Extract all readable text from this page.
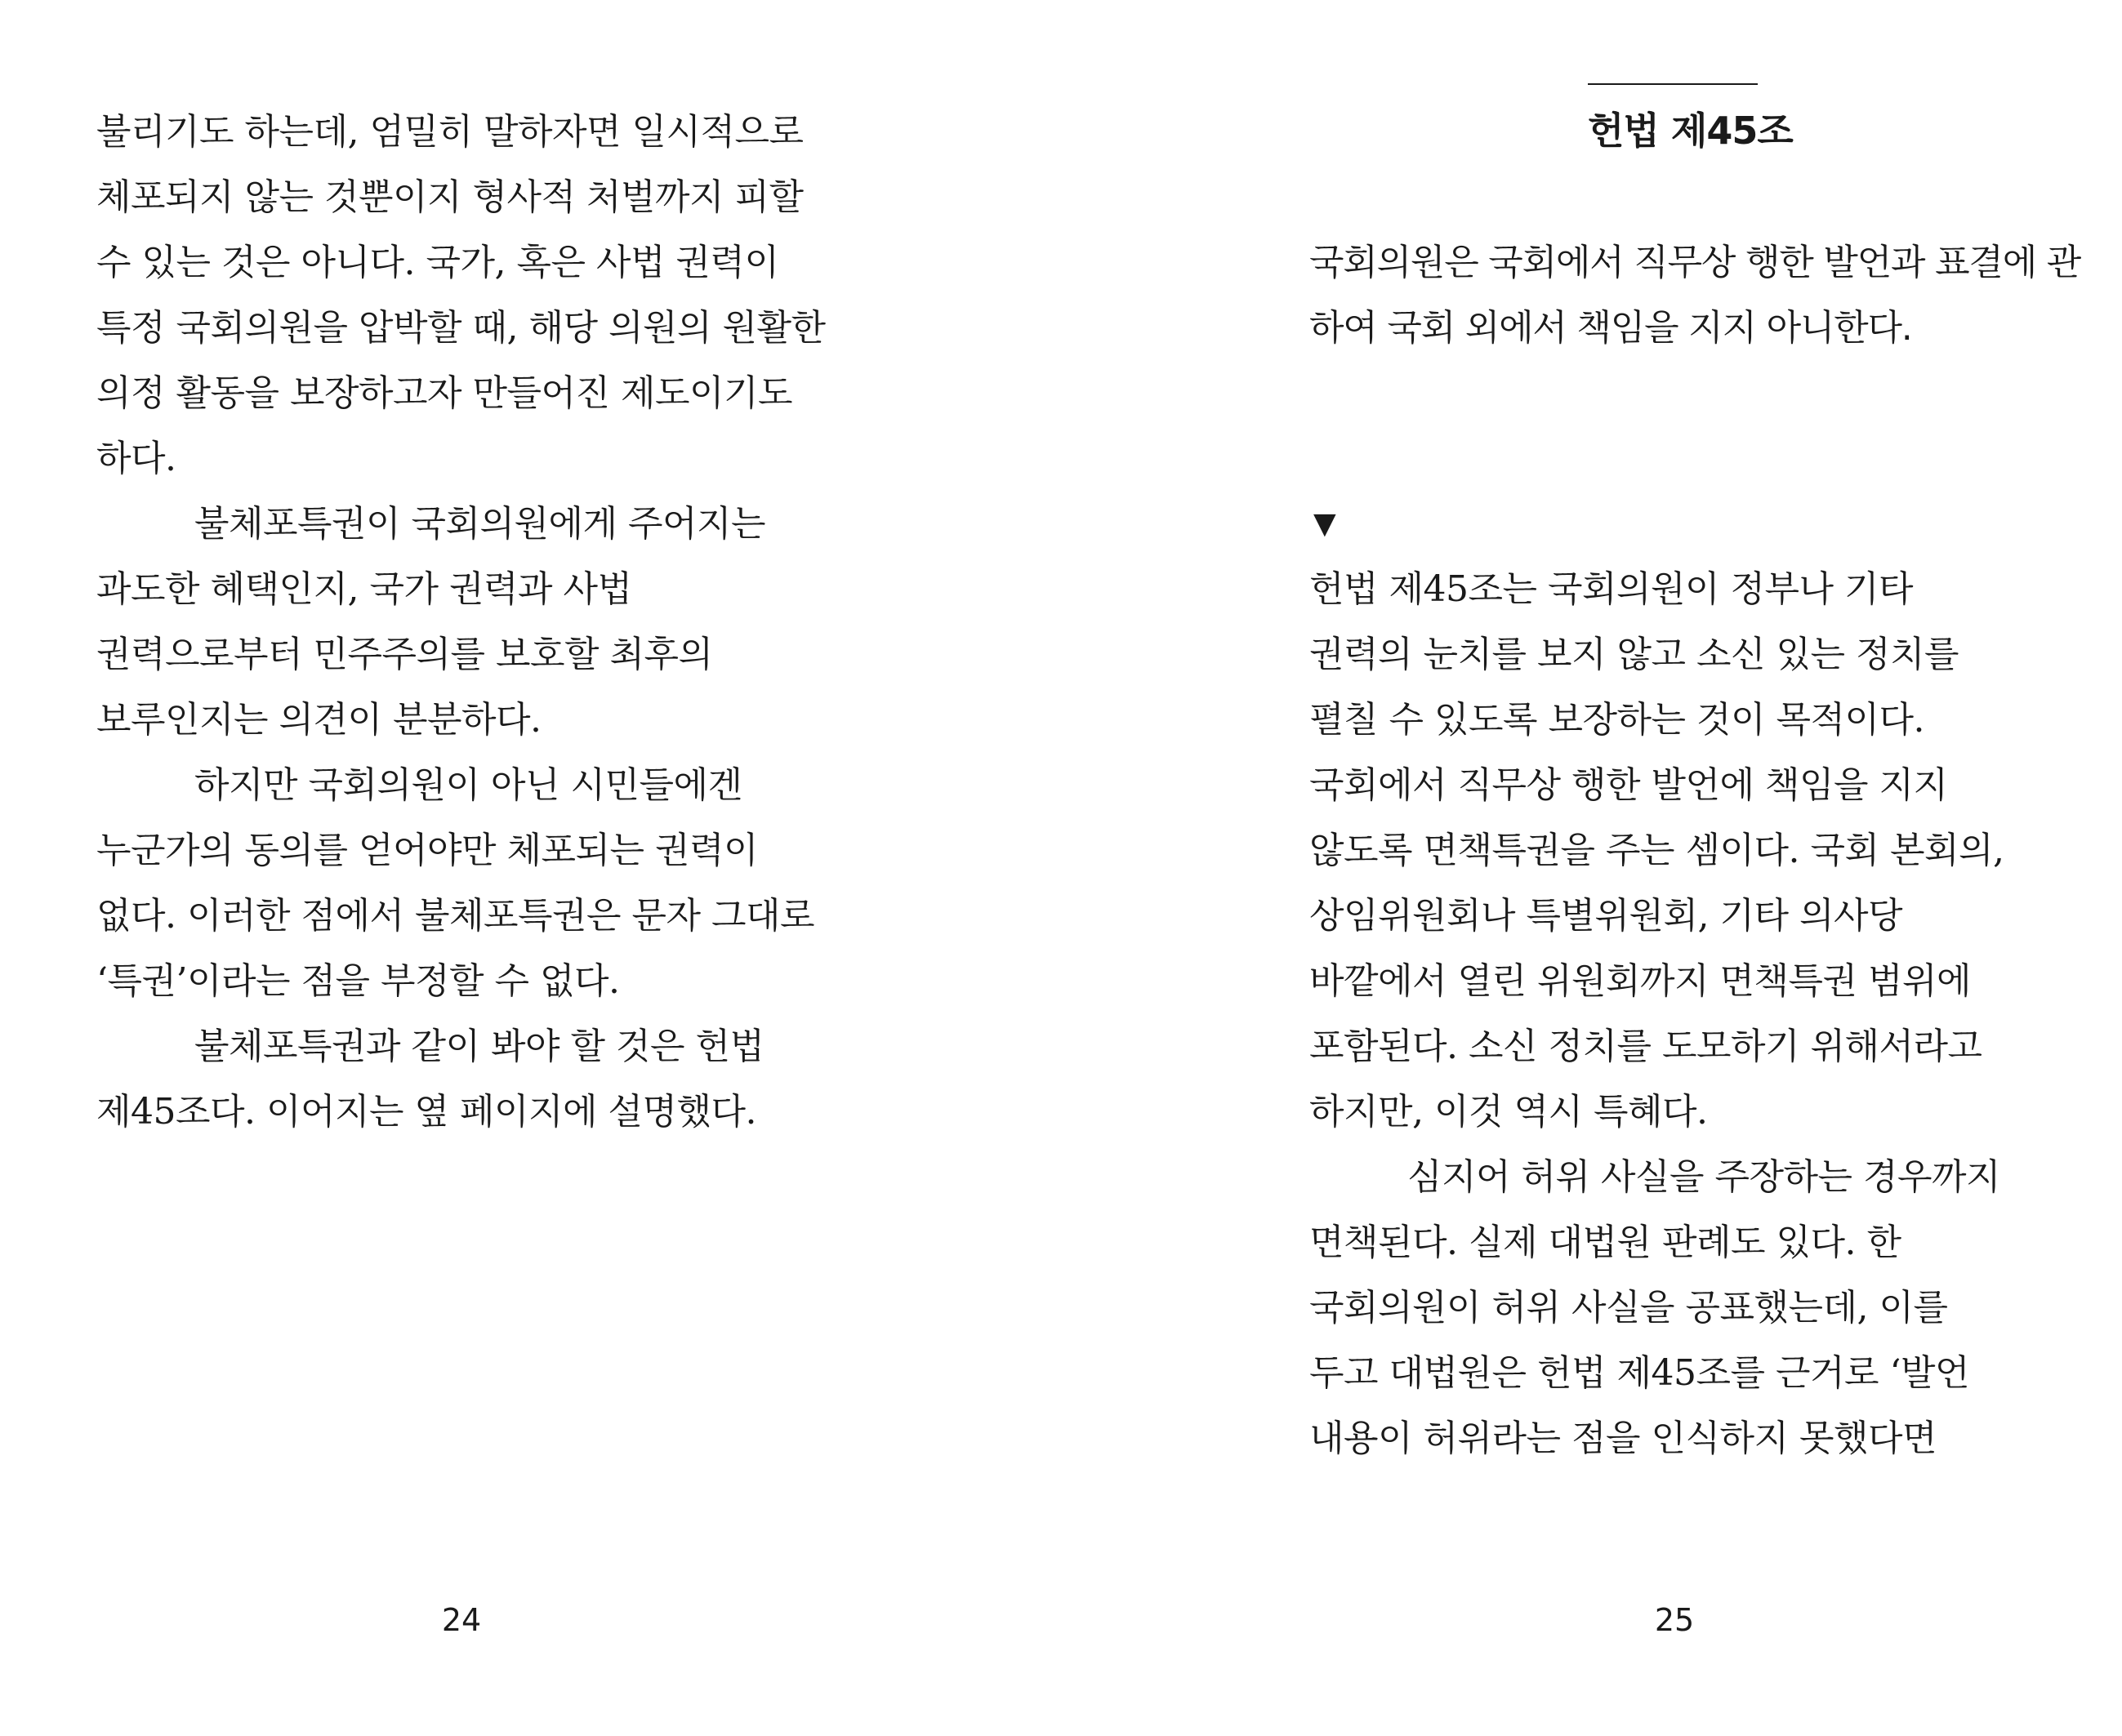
불리기도 하는데, 엄밀히 말하자면 일시적으로
체포되지 않는 것뿐이지 형사적 처벌까지 피할
수 있는 것은 아니다. 국가, 혹은 사법 권력이
특정 국회의원을 압박할 때, 해당 의원의 원활한
의정 활동을 보장하고자 만들어진 제도이기도
하다.
불체포특권이 국회의원에게 주어지는
과도한 혜택인지, 국가 권력과 사법
권력으로부터 민주주의를 보호할 최후의
보루인지는 의견이 분분하다.
하지만 국회의원이 아닌 시민들에겐
누군가의 동의를 얻어야만 체포되는 권력이
없다. 이러한 점에서 불체포특권은 문자 그대로
‘특권’이라는 점을 부정할 수 없다.
불체포특권과 같이 봐야 할 것은 헌법
제45조다. 이어지는 옆 페이지에 설명했다.
24
헌법 제45조
국회의원은 국회에서 직무상 행한 발언과 표결에 관
하여 국회 외에서 책임을 지지 아니한다.
▼
헌법 제45조는 국회의원이 정부나 기타
권력의 눈치를 보지 않고 소신 있는 정치를
펼칠 수 있도록 보장하는 것이 목적이다.
국회에서 직무상 행한 발언에 책임을 지지
않도록 면책특권을 주는 셈이다. 국회 본회의,
상임위원회나 특별위원회, 기타 의사당
바깥에서 열린 위원회까지 면책특권 범위에
포함된다. 소신 정치를 도모하기 위해서라고
하지만, 이것 역시 특혜다.
심지어 허위 사실을 주장하는 경우까지
면책된다. 실제 대법원 판례도 있다. 한
국회의원이 허위 사실을 공표했는데, 이를
두고 대법원은 헌법 제45조를 근거로 ‘발언
내용이 허위라는 점을 인식하지 못했다면
25
